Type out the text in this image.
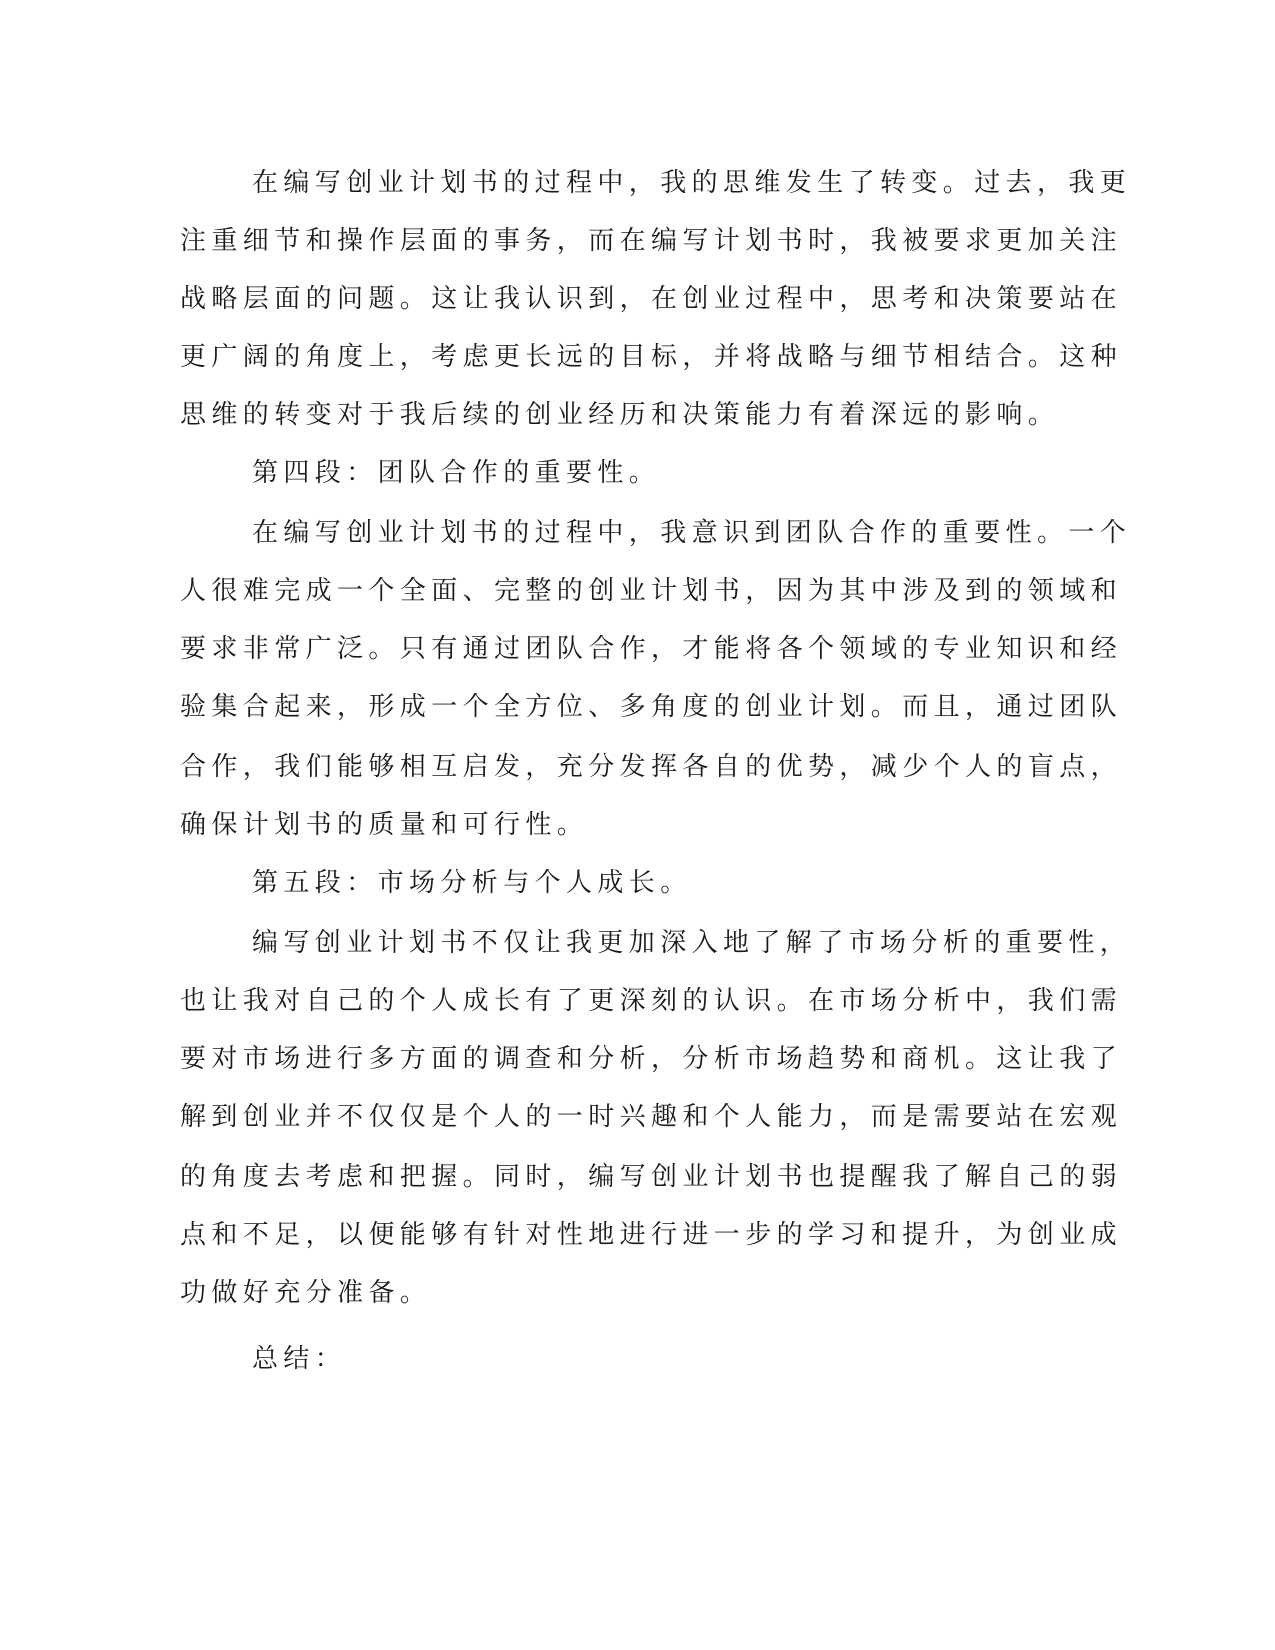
在编写创业计划书的过程中，我的思维发生了转变。过去，我更
注重细节和操作层面的事务，而在编写计划书时，我被要求更加关注
战略层面的问题。这让我认识到，在创业过程中，思考和决策要站在
更广阔的角度上，考虑更长远的目标，并将战略与细节相结合。这种
思维的转变对于我后续的创业经历和决策能力有着深远的影响。
第四段：团队合作的重要性。
在编写创业计划书的过程中，我意识到团队合作的重要性。一个
人很难完成一个全面、完整的创业计划书，因为其中涉及到的领域和
要求非常广泛。只有通过团队合作，才能将各个领域的专业知识和经
验集合起来，形成一个全方位、多角度的创业计划。而且，通过团队
合作，我们能够相互启发，充分发挥各自的优势，减少个人的盲点，
确保计划书的质量和可行性。
第五段：市场分析与个人成长。
编写创业计划书不仅让我更加深入地了解了市场分析的重要性，
也让我对自己的个人成长有了更深刻的认识。在市场分析中，我们需
要对市场进行多方面的调查和分析，分析市场趋势和商机。这让我了
解到创业并不仅仅是个人的一时兴趣和个人能力，而是需要站在宏观
的角度去考虑和把握。同时，编写创业计划书也提醒我了解自己的弱
点和不足，以便能够有针对性地进行进一步的学习和提升，为创业成
功做好充分准备。
总结：
